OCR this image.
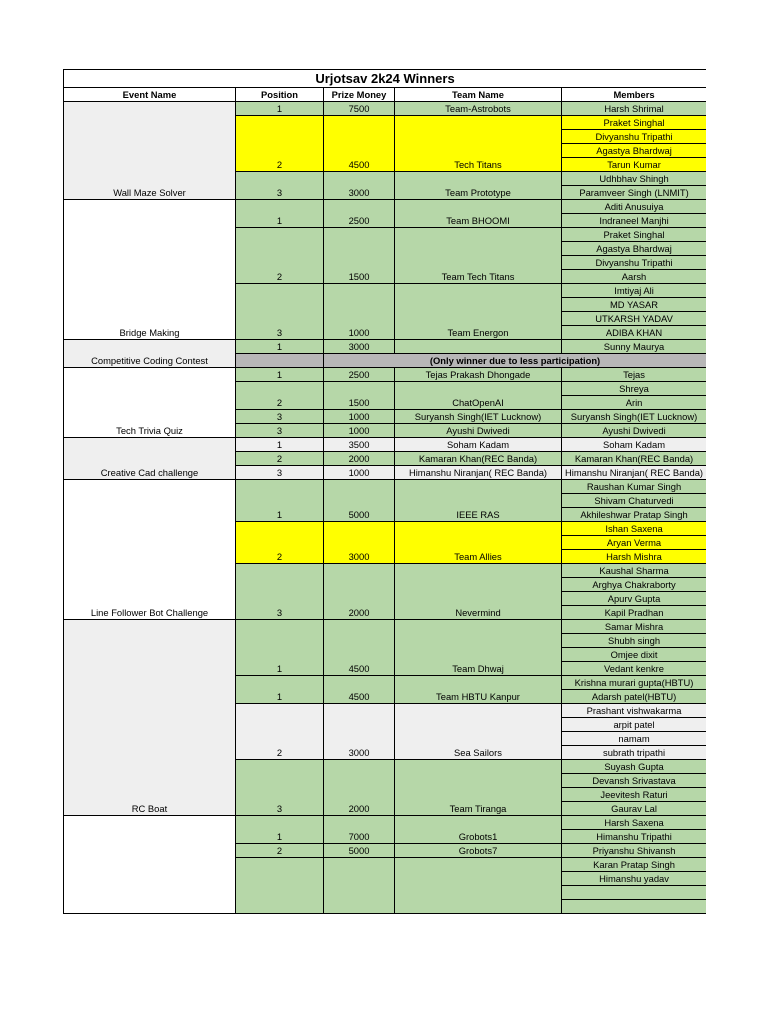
Urjotsav 2k24 Winners				
Event Name	Position	Prize Money	Team Name	Members
Wall Maze Solver	1	7500	Team-Astrobots	Harsh Shrimal
	2	4500	Tech Titans	Praket Singhal
				Divyanshu Tripathi
				Agastya Bhardwaj
				Tarun Kumar
	3	3000	Team Prototype	Udhbhav Shingh
				Paramveer Singh (LNMIT)
Bridge Making	1	2500	Team BHOOMI	Aditi Anusuiya
				Indraneel Manjhi
	2	1500	Team Tech Titans	Praket Singhal
				Agastya Bhardwaj
				Divyanshu Tripathi
				Aarsh
	3	1000	Team Energon	Imtiyaj Ali
				MD YASAR
				UTKARSH YADAV
				ADIBA KHAN
Competitive Coding Contest	1	3000		Sunny Maurya
		(Only winner due to less participation)		
Tech Trivia Quiz	1	2500	Tejas Prakash Dhongade	Tejas
	2	1500	ChatOpenAI	Shreya
				Arin
	3	1000	Suryansh Singh(IET Lucknow)	Suryansh Singh(IET Lucknow)
	3	1000	Ayushi Dwivedi	Ayushi Dwivedi
Creative Cad challenge	1	3500	Soham Kadam	Soham Kadam
	2	2000	Kamaran Khan(REC Banda)	Kamaran Khan(REC Banda)
	3	1000	Himanshu Niranjan( REC Banda)	Himanshu Niranjan( REC Banda)
Line Follower Bot Challenge	1	5000	IEEE RAS	Raushan Kumar Singh
				Shivam Chaturvedi
				Akhileshwar Pratap Singh
	2	3000	Team Allies	Ishan Saxena
				Aryan Verma
				Harsh Mishra
	3	2000	Nevermind	Kaushal Sharma
				Arghya Chakraborty
				Apurv Gupta
				Kapil Pradhan
RC Boat	1	4500	Team Dhwaj	Samar Mishra
				Shubh singh
				Omjee dixit
				Vedant kenkre
	1	4500	Team HBTU Kanpur	Krishna murari gupta(HBTU)
				Adarsh patel(HBTU)
	2	3000	Sea Sailors	Prashant vishwakarma
				arpit patel
				namam
				subrath tripathi
	3	2000	Team Tiranga	Suyash Gupta
				Devansh Srivastava
				Jeevitesh Raturi
				Gaurav Lal
	1	7000	Grobots1	Harsh Saxena
				Himanshu Tripathi
	2	5000	Grobots7	Priyanshu Shivansh
				Karan Pratap Singh
				Himanshu yadav
